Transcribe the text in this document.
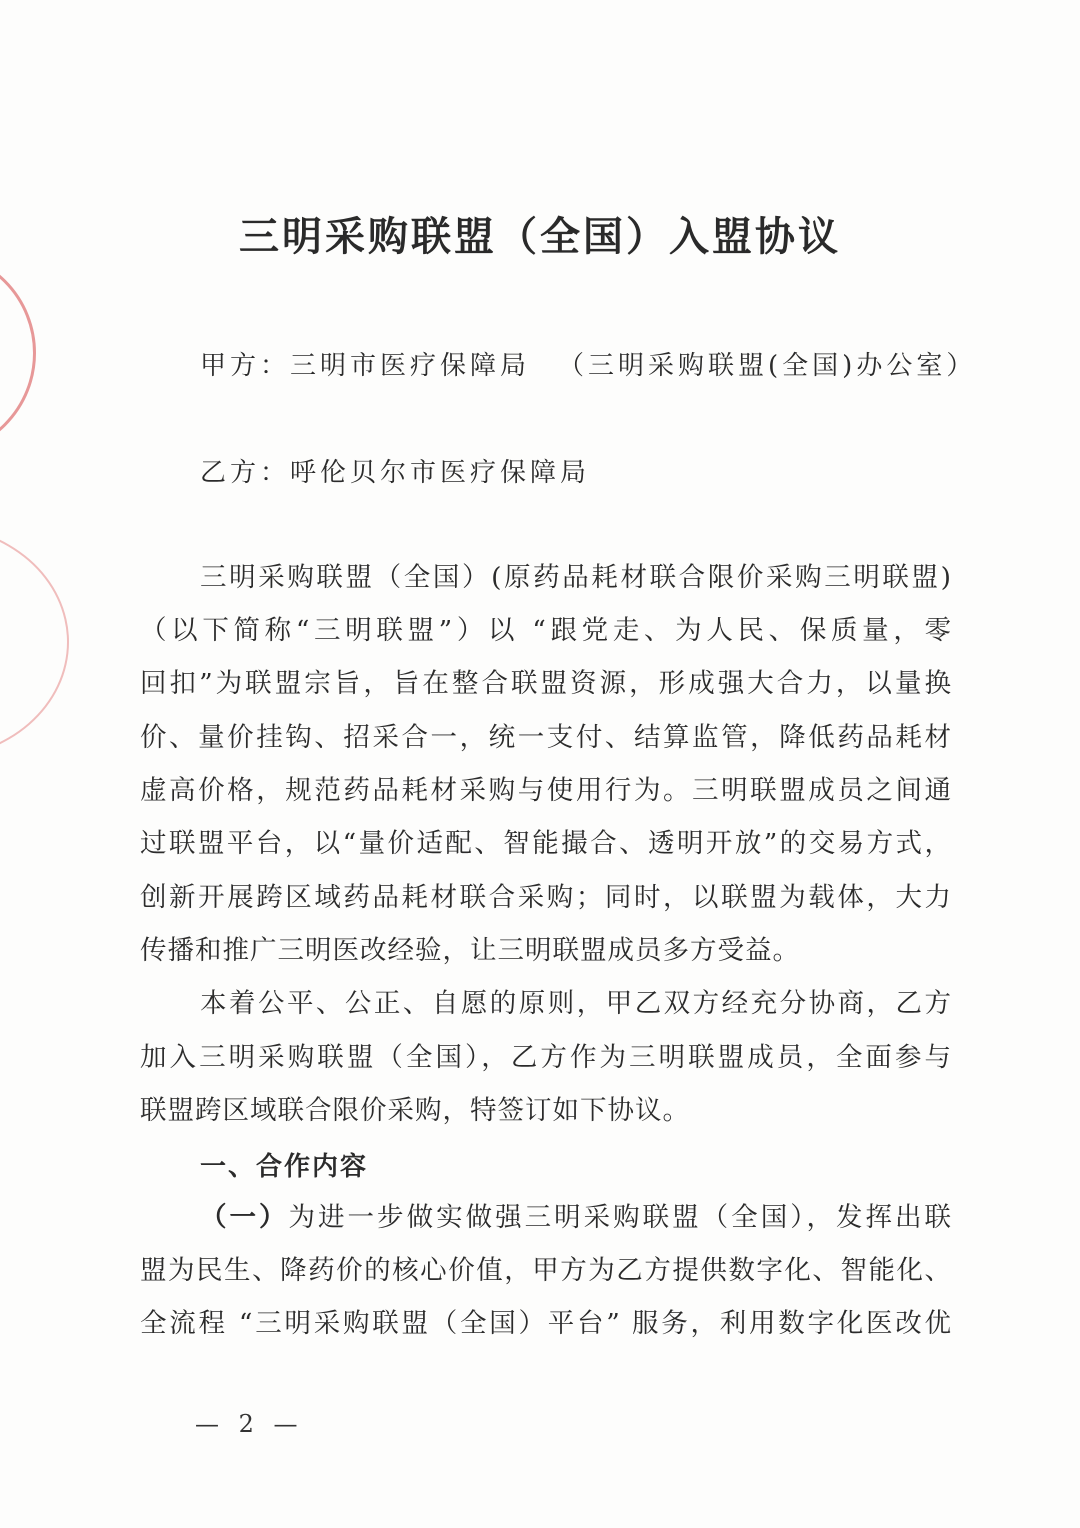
三明采购联盟（全国）入盟协议
甲方：三明市医疗保障局 （三明采购联盟(全国)办公室）
乙方：呼伦贝尔市医疗保障局
三明采购联盟（全国）(原药品耗材联合限价采购三明联盟)
（以下简称“三明联盟”）以 “跟党走、为人民、保质量，零
回扣”为联盟宗旨，旨在整合联盟资源，形成强大合力，以量换
价、量价挂钩、招采合一，统一支付、结算监管，降低药品耗材
虚高价格，规范药品耗材采购与使用行为。三明联盟成员之间通
过联盟平台，以“量价适配、智能撮合、透明开放”的交易方式，
创新开展跨区域药品耗材联合采购；同时，以联盟为载体，大力
传播和推广三明医改经验，让三明联盟成员多方受益。
本着公平、公正、自愿的原则，甲乙双方经充分协商，乙方
加入三明采购联盟（全国），乙方作为三明联盟成员，全面参与
联盟跨区域联合限价采购，特签订如下协议。
一、合作内容
（一）为进一步做实做强三明采购联盟（全国），发挥出联
盟为民生、降药价的核心价值，甲方为乙方提供数字化、智能化、
全流程 “三明采购联盟（全国）平台” 服务，利用数字化医改优
— 2 —
